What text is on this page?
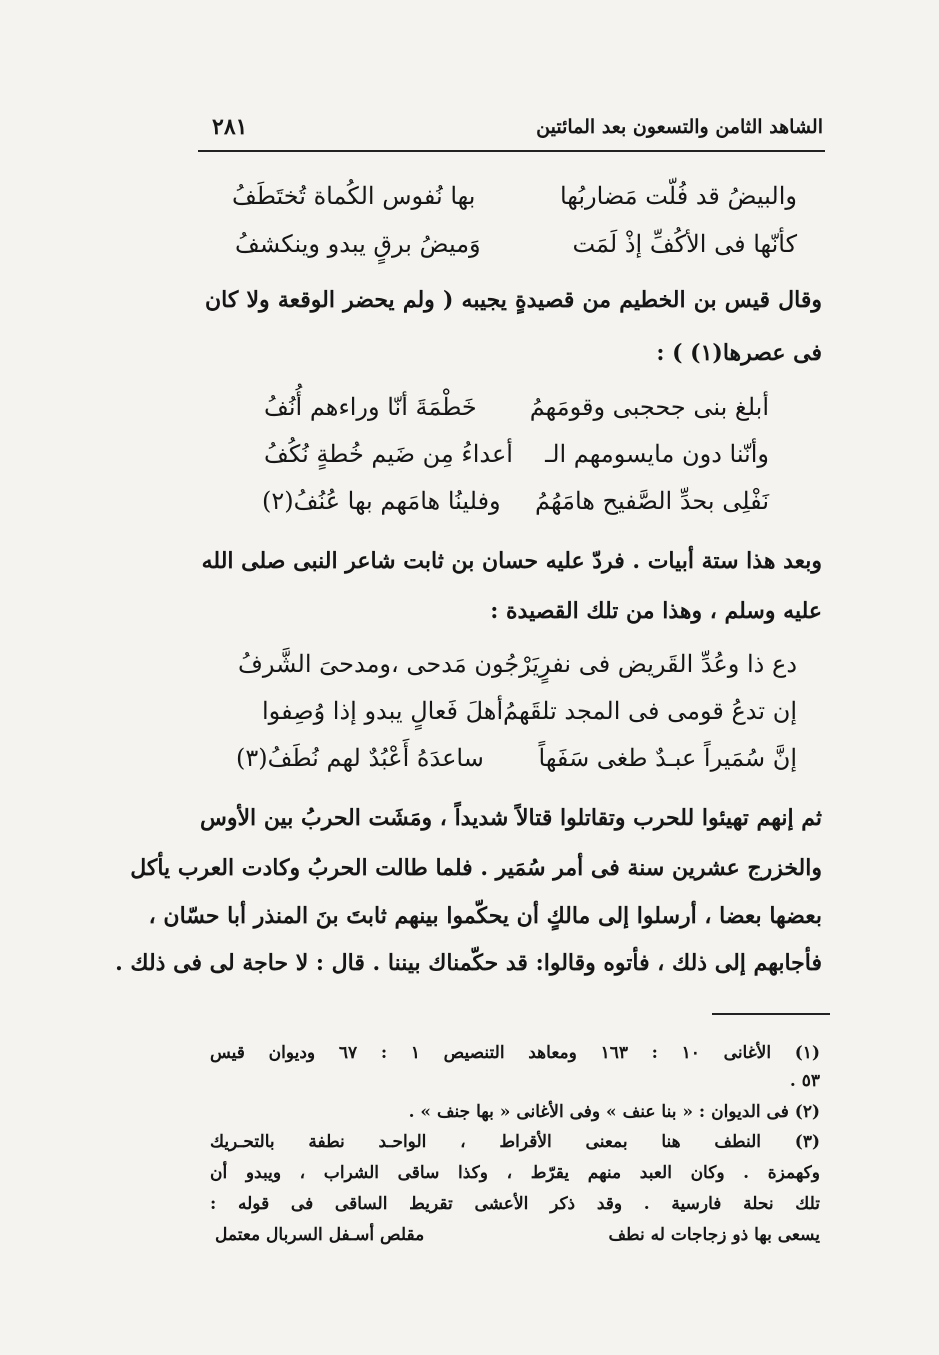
الشاهد الثامن والتسعون بعد المائتين
٢٨١
والبيضُ قد فُلّت مَضاربُها
بها نُفوس الكُماة تُختَطَفُ
كأنّها فى الأكُفِّ إذْ لَمَت
وَميضُ برقٍ يبدو وينكشفُ
وقال قيس بن الخطيم من قصيدةٍ يجيبه ( ولم يحضر الوقعة ولا كان
فى عصرها(١) ) :
أبلغ بنى جحجبى وقومَهمُ
خَطْمَةَ أنّا وراءهم أُنُفُ
وأنّنا دون مايسومهم الـ
أعداءُ مِن ضَيم خُطةٍ نُكُفُ
نَفْلِى بحدِّ الصَّفيح هامَهُمُ
وفلينُا هامَهم بها عُنُفُ(٢)
وبعد هذا ستة أبيات . فردّ عليه حسان بن ثابت شاعر النبى صلى الله
عليه وسلم ، وهذا من تلك القصيدة :
دع ذا وعُدِّ القَريض فى نفرٍ
يَرْجُون مَدحى ،ومدحىَ الشَّرفُ
إن تدعُ قومى فى المجد تلقَهمُ
أهلَ فَعالٍ يبدو إذا وُصِفوا
إنَّ سُمَيراً عبـدٌ طغى سَفَهاً
ساعدَهُ أَعْبُدٌ لهم نُطَفُ(٣)
ثم إنهم تهيئوا للحرب وتقاتلوا قتالاً شديداً ، ومَشَت الحربُ بين الأوس
والخزرج عشرين سنة فى أمر سُمَير . فلما طالت الحربُ وكادت العرب يأكل
بعضها بعضا ، أرسلوا إلى مالكٍ أن يحكّموا بينهم ثابتَ بنَ المنذر أبا حسّان ،
فأجابهم إلى ذلك ، فأتوه وقالوا: قد حكّمناك بيننا . قال : لا حاجة لى فى ذلك .
(١) الأغانى ١٠ : ١٦٣ ومعاهد التنصيص ١ : ٦٧ وديوان قيس
٥٣ .
(٢) فى الديوان : « بنا عنف » وفى الأغانى « بها جنف » .
(٣) النطف هنا بمعنى الأقراط ، الواحـد نطفة بالتحـريك
وكهمزة . وكان العبد منهم يقرّط ، وكذا ساقى الشراب ، ويبدو أن
تلك نحلة فارسية . وقد ذكر الأعشى تقريط الساقى فى قوله :
يسعى بها ذو زجاجات له نطف
مقلص أسـفل السربال معتمل
